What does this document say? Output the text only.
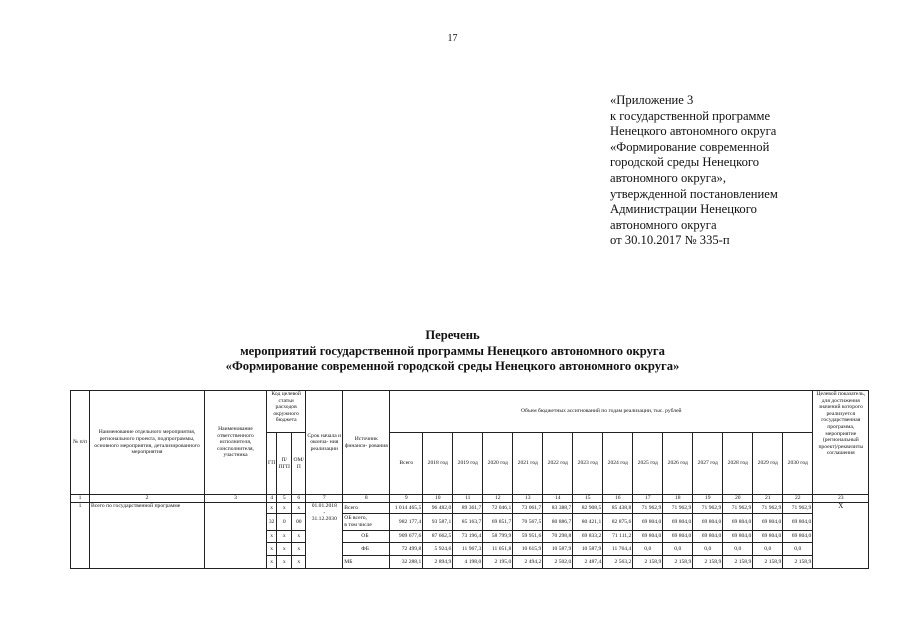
17
«Приложение 3
к государственной программе
Ненецкого автономного округа
«Формирование современной
городской среды Ненецкого
автономного округа»,
утвержденной постановлением
Администрации Ненецкого
автономного округа
от 30.10.2017 № 335-п
Перечень
мероприятий государственной программы Ненецкого автономного округа
«Формирование современной городской среды Ненецкого автономного округа»
№ п/п	Наименование отдельного мероприятия, регионального проекта, подпрограммы, основного мероприятия, детализированного мероприятия	Наименование ответственного исполнителя, соисполнителя, участника	Код целевой статьи расходов окружного бюджета			Срок начала и оконча- ния реализации	Источник финанси- рования	Объем бюджетных ассигнований по годам реализации, тыс. рублей														Целевой показатель, для достижения значений которого реализуется государственная программа, мероприятие (региональный проект)/реквизиты соглашения
			ГП	П/ ПГП	ОМ/ П			Всего	2018 год	2019 год	2020 год	2021 год	2022 год	2023 год	2024 год	2025 год	2026 год	2027 год	2028 год	2029 год	2030 год	
1	2	3	4	5	6	7	8	9	10	11	12	13	14	15	16	17	18	19	20	21	22	23
1	Всего по государственной программе		х	х	х	01.01.2018
-
31.12.2030	Всего	1 014 465,5	96 482,0	89 361,7	72 046,1	73 061,7	83 388,7	82 908,5	85 438,8	71 962,9	71 962,9	71 962,9	71 962,9	71 962,9	71 962,9	Х
			32	0	00		ОБ всего,
в том числе	982 177,4	93 587,1	85 163,7	69 851,7	70 567,5	80 886,7	80 421,1	82 875,6	69 804,0	69 804,0	69 804,0	69 804,0	69 804,0	69 804,0	
			х	х	х		ОБ	909 677,6	87 662,5	73 196,4	58 799,9	59 951,6	70 298,8	69 833,2	71 111,2	69 804,0	69 804,0	69 804,0	69 804,0	69 804,0	69 804,0	
			х	х	х		ФБ	72 499,8	5 924,6	11 967,3	11 051,8	10 615,9	10 587,9	10 587,9	11 764,4	0,0	0,0	0,0	0,0	0,0	0,0	
			х	х	х		МБ	32 288,1	2 894,9	4 198,0	2 195,0	2 494,2	2 502,0	2 487,4	2 563,2	2 158,9	2 158,9	2 158,9	2 158,9	2 158,9	2 158,9	
